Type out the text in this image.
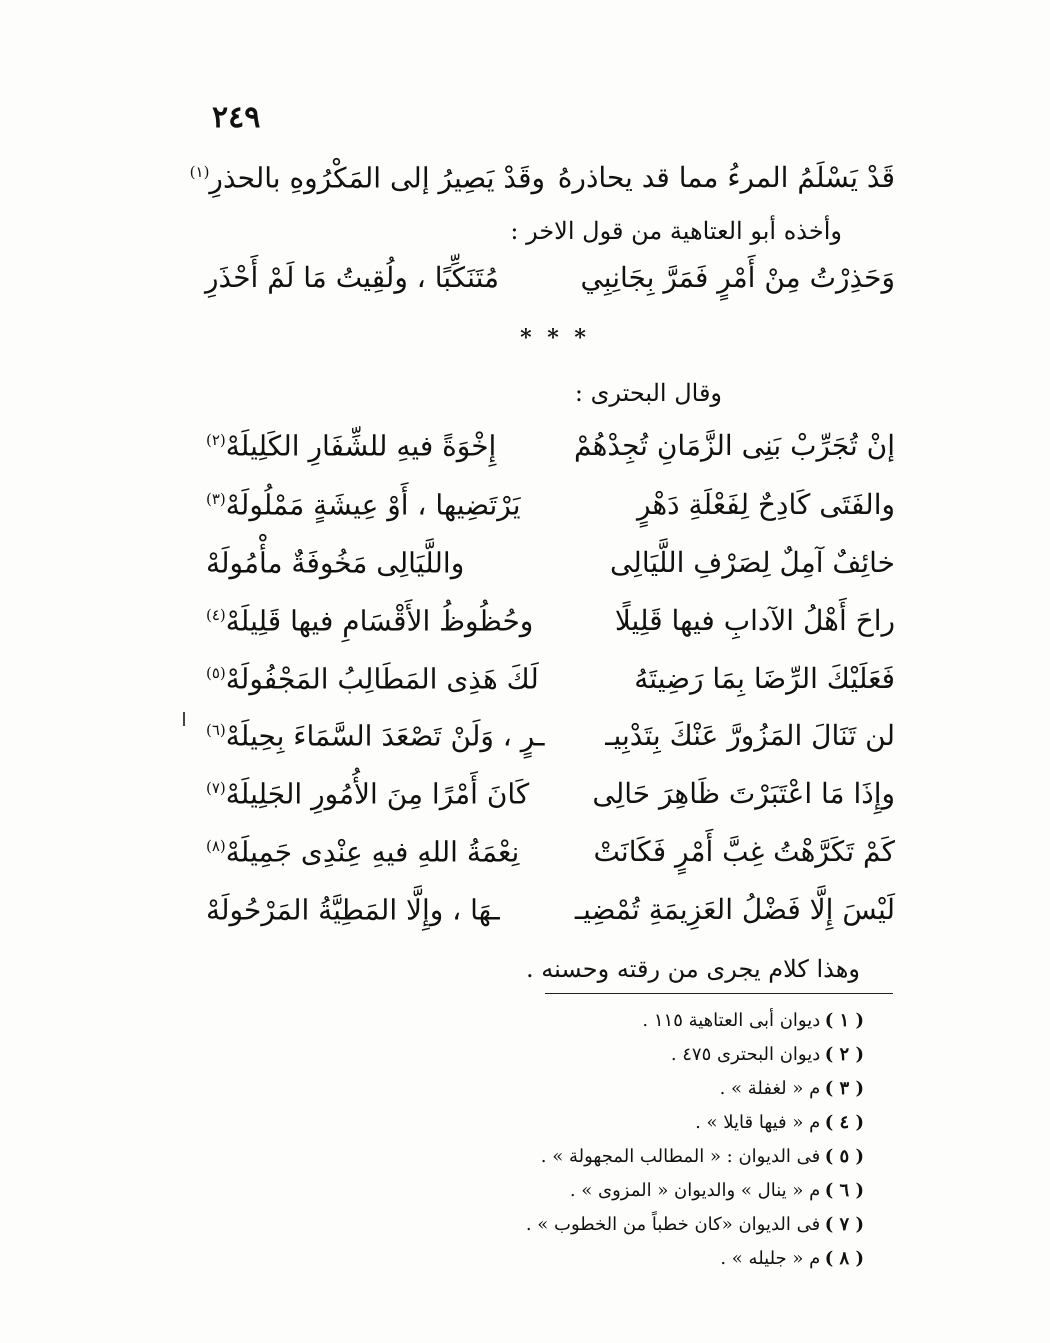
٢٤٩
قَدْ يَسْلَمُ المرءُ مما قد يحاذرهُ
وقَدْ يَصِيرُ إلى المَكْرُوهِ بالحذرِ$^{(١)}$
وأخذه أبو العتاهية من قول الاخر :
وَحَذِرْتُ مِنْ أَمْرٍ فَمَرَّ بِجَانِبِي
مُتَنَكِّبًا ، ولُقِيتُ مَا لَمْ أَحْذَرِ
* * *
وقال البحترى :
إنْ تُجَرِّبْ بَنِى الزَّمَانِ تُجِدْهُمْ
إِخْوَةً فيهِ للشِّفَارِ الكَلِيلَهْ$^{(٢)}$
والفَتَى كَادِحٌ لِفَعْلَةِ دَهْرٍ
يَرْتَضِيها ، أَوْ عِيشَةٍ مَمْلُولَهْ$^{(٣)}$
خائِفٌ آمِلٌ لِصَرْفِ اللَّيَالِى
واللَّيَالِى مَخُوفَةٌ مأْمُولَهْ
راحَ أَهْلُ الآدابِ فيها قَلِيلًا
وحُظُوظُ الأَقْسَامِ فيها قَلِيلَهْ$^{(٤)}$
فَعَلَيْكَ الرِّضَا بِمَا رَضِيتَهُ
لَكَ هَذِى المَطَالِبُ المَجْفُولَهْ$^{(٥)}$
لن تَنَالَ المَزُورَّ عَنْكَ بِتَدْبِيـ
ـرٍ ، وَلَنْ تَصْعَدَ السَّمَاءَ بِحِيلَهْ$^{(٦)}$
وإِذَا مَا اعْتَبَرْتَ ظَاهِرَ حَالِى
كَانَ أَمْرًا مِنَ الأُمُورِ الجَلِيلَهْ$^{(٧)}$
كَمْ تَكَرَّهْتُ غِبَّ أَمْرٍ فَكَانَتْ
نِعْمَةُ اللهِ فيهِ عِنْدِى جَمِيلَهْ$^{(٨)}$
لَيْسَ إِلَّا فَضْلُ العَزِيمَةِ تُمْضِيـ
ـهَا ، وإِلَّا المَطِيَّةُ المَرْحُولَهْ
وهذا كلام يجرى من رقته وحسنه .
( ١ ) ديوان أبى العتاهية ١١٥ .
( ٢ ) ديوان البحترى ٤٧٥ .
( ٣ ) م « لغفلة » .
( ٤ ) م « فيها قايلا » .
( ٥ ) فى الديوان : « المطالب المجهولة » .
( ٦ ) م « ينال » والديوان « المزوى » .
( ٧ ) فى الديوان «كان خطباً من الخطوب » .
( ٨ ) م « جليله » .
